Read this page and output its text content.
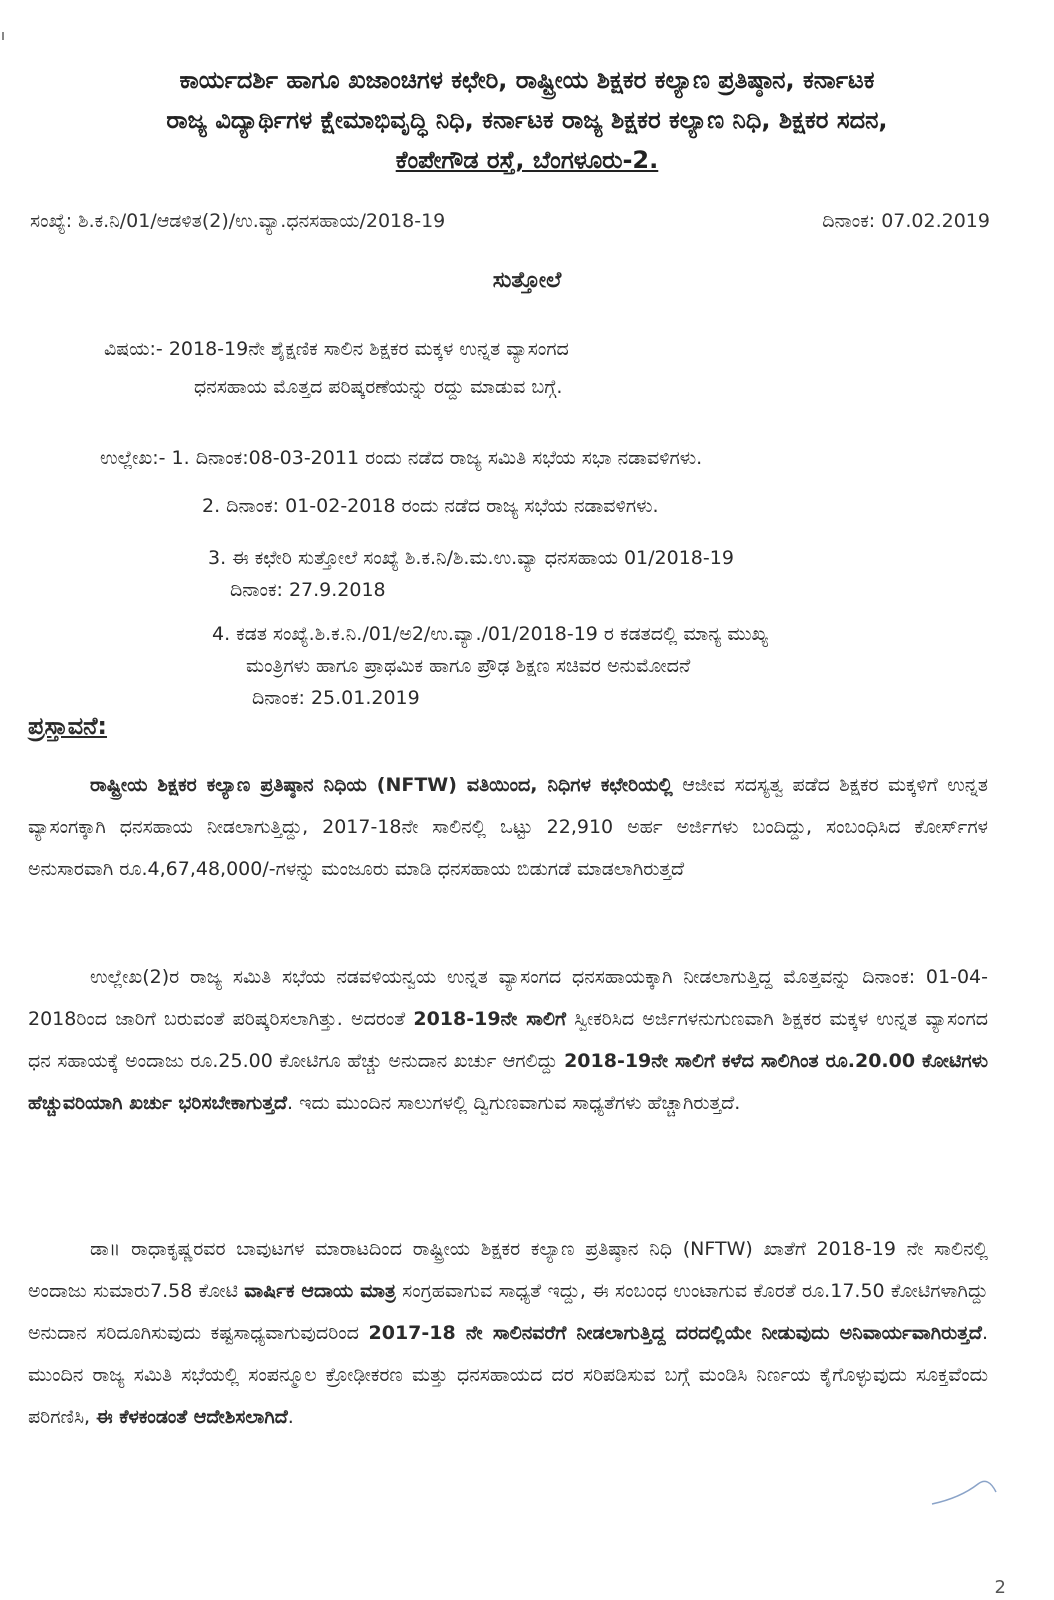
ಕಾರ್ಯದರ್ಶಿ ಹಾಗೂ ಖಜಾಂಚಿಗಳ ಕಛೇರಿ, ರಾಷ್ಟ್ರೀಯ ಶಿಕ್ಷಕರ ಕಲ್ಯಾಣ ಪ್ರತಿಷ್ಠಾನ, ಕರ್ನಾಟಕ
ರಾಜ್ಯ ವಿದ್ಯಾರ್ಥಿಗಳ ಕ್ಷೇಮಾಭಿವೃದ್ಧಿ ನಿಧಿ, ಕರ್ನಾಟಕ ರಾಜ್ಯ ಶಿಕ್ಷಕರ ಕಲ್ಯಾಣ ನಿಧಿ, ಶಿಕ್ಷಕರ ಸದನ,
ಕೆಂಪೇಗೌಡ ರಸ್ತೆ, ಬೆಂಗಳೂರು-2.
ಸಂಖ್ಯೆ: ಶಿ.ಕ.ನಿ/01/ಆಡಳಿತ(2)/ಉ.ವ್ಯಾ.ಧನಸಹಾಯ/2018-19	ದಿನಾಂಕ: 07.02.2019
ಸುತ್ತೋಲೆ
ವಿಷಯ:- 2018-19ನೇ ಶೈಕ್ಷಣಿಕ ಸಾಲಿನ ಶಿಕ್ಷಕರ ಮಕ್ಕಳ ಉನ್ನತ ವ್ಯಾಸಂಗದ
ಧನಸಹಾಯ ಮೊತ್ತದ ಪರಿಷ್ಕರಣೆಯನ್ನು ರದ್ದು ಮಾಡುವ ಬಗ್ಗೆ.
ಉಲ್ಲೇಖ:- 1. ದಿನಾಂಕ:08-03-2011 ರಂದು ನಡೆದ ರಾಜ್ಯ ಸಮಿತಿ ಸಭೆಯ ಸಭಾ ನಡಾವಳಿಗಳು.
2. ದಿನಾಂಕ: 01-02-2018 ರಂದು ನಡೆದ ರಾಜ್ಯ ಸಭೆಯ ನಡಾವಳಿಗಳು.
3. ಈ ಕಛೇರಿ ಸುತ್ತೋಲೆ ಸಂಖ್ಯೆ ಶಿ.ಕ.ನಿ/ಶಿ.ಮ.ಉ.ವ್ಯಾ ಧನಸಹಾಯ 01/2018-19
ದಿನಾಂಕ: 27.9.2018
4. ಕಡತ ಸಂಖ್ಯೆ.ಶಿ.ಕ.ನಿ./01/ಅ2/ಉ.ವ್ಯಾ./01/2018-19 ರ ಕಡತದಲ್ಲಿ ಮಾನ್ಯ ಮುಖ್ಯ
ಮಂತ್ರಿಗಳು ಹಾಗೂ ಪ್ರಾಥಮಿಕ ಹಾಗೂ ಪ್ರೌಢ ಶಿಕ್ಷಣ ಸಚಿವರ ಅನುಮೋದನೆ
ದಿನಾಂಕ: 25.01.2019
ಪ್ರಸ್ತಾವನೆ:
ರಾಷ್ಟ್ರೀಯ ಶಿಕ್ಷಕರ ಕಲ್ಯಾಣ ಪ್ರತಿಷ್ಠಾನ ನಿಧಿಯ (NFTW) ವತಿಯಿಂದ, ನಿಧಿಗಳ ಕಛೇರಿಯಲ್ಲಿ ಆಜೀವ ಸದಸ್ಯತ್ವ ಪಡೆದ ಶಿಕ್ಷಕರ ಮಕ್ಕಳಿಗೆ ಉನ್ನತ ವ್ಯಾಸಂಗಕ್ಕಾಗಿ ಧನಸಹಾಯ ನೀಡಲಾಗುತ್ತಿದ್ದು, 2017-18ನೇ ಸಾಲಿನಲ್ಲಿ ಒಟ್ಟು 22,910 ಅರ್ಹ ಅರ್ಜಿಗಳು ಬಂದಿದ್ದು, ಸಂಬಂಧಿಸಿದ ಕೋರ್ಸ್‌ಗಳ ಅನುಸಾರವಾಗಿ ರೂ.4,67,48,000/-ಗಳನ್ನು ಮಂಜೂರು ಮಾಡಿ ಧನಸಹಾಯ ಬಿಡುಗಡೆ ಮಾಡಲಾಗಿರುತ್ತದೆ
ಉಲ್ಲೇಖ(2)ರ ರಾಜ್ಯ ಸಮಿತಿ ಸಭೆಯ ನಡವಳಿಯನ್ವಯ ಉನ್ನತ ವ್ಯಾಸಂಗದ ಧನಸಹಾಯಕ್ಕಾಗಿ ನೀಡಲಾಗುತ್ತಿದ್ದ ಮೊತ್ತವನ್ನು ದಿನಾಂಕ: 01-04-2018ರಿಂದ ಜಾರಿಗೆ ಬರುವಂತೆ ಪರಿಷ್ಕರಿಸಲಾಗಿತ್ತು. ಅದರಂತೆ 2018-19ನೇ ಸಾಲಿಗೆ ಸ್ವೀಕರಿಸಿದ ಅರ್ಜಿಗಳನುಗುಣವಾಗಿ ಶಿಕ್ಷಕರ ಮಕ್ಕಳ ಉನ್ನತ ವ್ಯಾಸಂಗದ ಧನ ಸಹಾಯಕ್ಕೆ ಅಂದಾಜು ರೂ.25.00 ಕೋಟಿಗೂ ಹೆಚ್ಚು ಅನುದಾನ ಖರ್ಚು ಆಗಲಿದ್ದು 2018-19ನೇ ಸಾಲಿಗೆ ಕಳೆದ ಸಾಲಿಗಿಂತ ರೂ.20.00 ಕೋಟಿಗಳು ಹೆಚ್ಚುವರಿಯಾಗಿ ಖರ್ಚು ಭರಿಸಬೇಕಾಗುತ್ತದೆ. ಇದು ಮುಂದಿನ ಸಾಲುಗಳಲ್ಲಿ ದ್ವಿಗುಣವಾಗುವ ಸಾಧ್ಯತೆಗಳು ಹೆಚ್ಚಾಗಿರುತ್ತದೆ.
ಡಾ॥ ರಾಧಾಕೃಷ್ಣರವರ ಬಾವುಟಗಳ ಮಾರಾಟದಿಂದ ರಾಷ್ಟ್ರೀಯ ಶಿಕ್ಷಕರ ಕಲ್ಯಾಣ ಪ್ರತಿಷ್ಠಾನ ನಿಧಿ (NFTW) ಖಾತೆಗೆ 2018-19 ನೇ ಸಾಲಿನಲ್ಲಿ ಅಂದಾಜು ಸುಮಾರು7.58 ಕೋಟಿ ವಾರ್ಷಿಕ ಆದಾಯ ಮಾತ್ರ ಸಂಗ್ರಹವಾಗುವ ಸಾಧ್ಯತೆ ಇದ್ದು, ಈ ಸಂಬಂಧ ಉಂಟಾಗುವ ಕೊರತೆ ರೂ.17.50 ಕೋಟಿಗಳಾಗಿದ್ದು ಅನುದಾನ ಸರಿದೂಗಿಸುವುದು ಕಷ್ಟಸಾಧ್ಯವಾಗುವುದರಿಂದ 2017-18 ನೇ ಸಾಲಿನವರೆಗೆ ನೀಡಲಾಗುತ್ತಿದ್ದ ದರದಲ್ಲಿಯೇ ನೀಡುವುದು ಅನಿವಾರ್ಯವಾಗಿರುತ್ತದೆ. ಮುಂದಿನ ರಾಜ್ಯ ಸಮಿತಿ ಸಭೆಯಲ್ಲಿ ಸಂಪನ್ಮೂಲ ಕ್ರೋಢೀಕರಣ ಮತ್ತು ಧನಸಹಾಯದ ದರ ಸರಿಪಡಿಸುವ ಬಗ್ಗೆ ಮಂಡಿಸಿ ನಿರ್ಣಯ ಕೈಗೊಳ್ಳುವುದು ಸೂಕ್ತವೆಂದು ಪರಿಗಣಿಸಿ, ಈ ಕೆಳಕಂಡಂತೆ ಆದೇಶಿಸಲಾಗಿದೆ.
2
